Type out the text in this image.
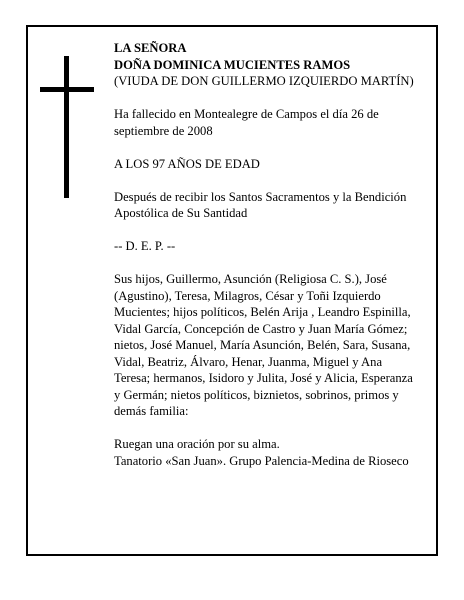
LA SEÑORA

DOÑA DOMINICA MUCIENTES RAMOS

(VIUDA DE DON GUILLERMO IZQUIERDO MARTÍN)

Ha fallecido en Montealegre de Campos el día 26 de septiembre de 2008

A LOS 97 AÑOS DE EDAD

Después de recibir los Santos Sacramentos y la Bendición Apostólica de Su Santidad

-- D. E. P. --

Sus hijos, Guillermo, Asunción (Religiosa C. S.), José (Agustino), Teresa, Milagros, César y Toñi Izquierdo Mucientes; hijos políticos, Belén Arija , Leandro Espinilla, Vidal García, Concepción de Castro y Juan María Gómez; nietos, José Manuel, María Asunción, Belén, Sara, Susana, Vidal, Beatriz, Álvaro, Henar, Juanma, Miguel y Ana Teresa; hermanos, Isidoro y Julita, José y Alicia, Esperanza y Germán; nietos políticos, biznietos, sobrinos, primos y demás familia:

Ruegan una oración por su alma.

Tanatorio «San Juan». Grupo Palencia-Medina de Rioseco
